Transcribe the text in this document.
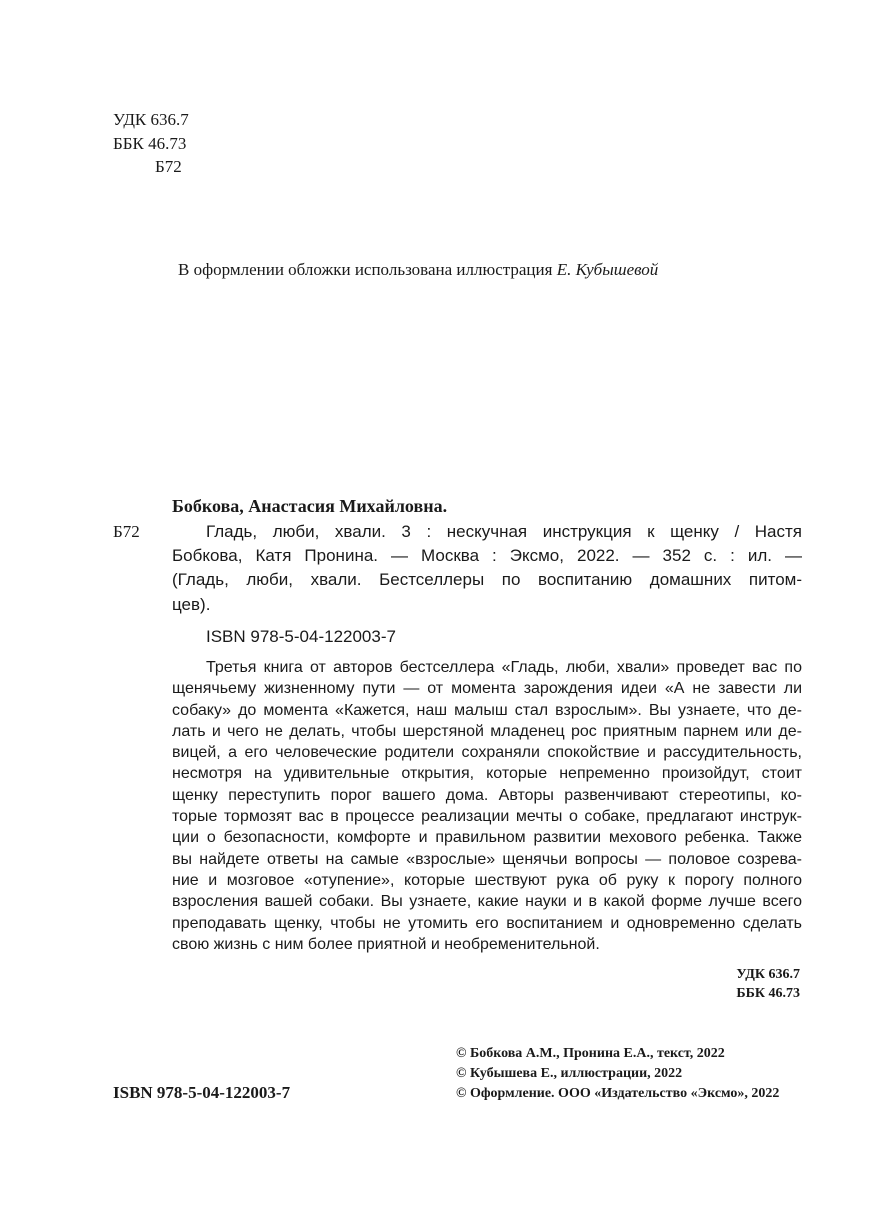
УДК 636.7

ББК 46.73

Б72

В оформлении обложки использована иллюстрация Е. Кубышевой

Бобкова, Анастасия Михайловна.

Б72	Гладь, люби, хвали. 3 : нескучная инструкция к щенку / Настя
Бобкова, Катя Пронина. — Москва : Эксмо, 2022. — 352 с. : ил. —
(Гладь, люби, хвали. Бестселлеры по воспитанию домашних питом-
цев).

ISBN 978-5-04-122003-7

Третья книга от авторов бестселлера «Гладь, люби, хвали» проведет вас по
щенячьему жизненному пути — от момента зарождения идеи «А не завести ли
собаку» до момента «Кажется, наш малыш стал взрослым». Вы узнаете, что де-
лать и чего не делать, чтобы шерстяной младенец рос приятным парнем или де-
вицей, а его человеческие родители сохраняли спокойствие и рассудительность,
несмотря на удивительные открытия, которые непременно произойдут, стоит
щенку переступить порог вашего дома. Авторы развенчивают стереотипы, ко-
торые тормозят вас в процессе реализации мечты о собаке, предлагают инструк-
ции о безопасности, комфорте и правильном развитии мехового ребенка. Также
вы найдете ответы на самые «взрослые» щенячьи вопросы — половое созрева-
ние и мозговое «отупение», которые шествуют рука об руку к порогу полного
взросления вашей собаки. Вы узнаете, какие науки и в какой форме лучше всего
преподавать щенку, чтобы не утомить его воспитанием и одновременно сделать
свою жизнь с ним более приятной и необременительной.
УДК 636.7
ББК 46.73
© Бобкова А.М., Пронина Е.А., текст, 2022
© Кубышева Е., иллюстрации, 2022
© Оформление. ООО «Издательство «Эксмо», 2022

ISBN 978-5-04-122003-7
